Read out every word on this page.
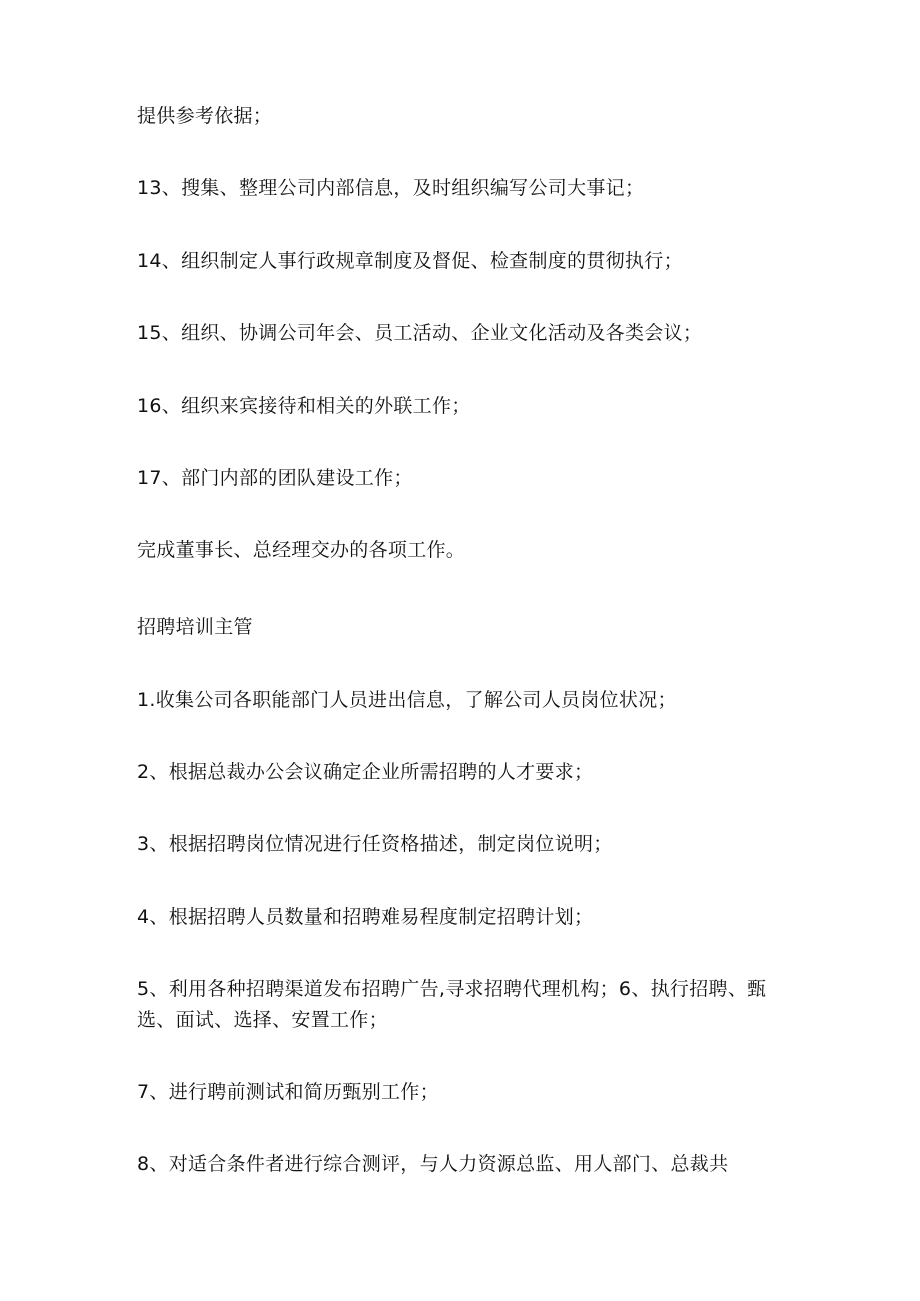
提供参考依据；

13、搜集、整理公司内部信息，及时组织编写公司大事记；

14、组织制定人事行政规章制度及督促、检查制度的贯彻执行；

15、组织、协调公司年会、员工活动、企业文化活动及各类会议；

16、组织来宾接待和相关的外联工作；

17、部门内部的团队建设工作；

完成董事长、总经理交办的各项工作。

招聘培训主管

1.收集公司各职能部门人员进出信息，了解公司人员岗位状况；

2、根据总裁办公会议确定企业所需招聘的人才要求；

3、根据招聘岗位情况进行任资格描述，制定岗位说明；

4、根据招聘人员数量和招聘难易程度制定招聘计划；

5、利用各种招聘渠道发布招聘广告,寻求招聘代理机构；6、执行招聘、甄选、面试、选择、安置工作；

7、进行聘前测试和简历甄别工作；

8、对适合条件者进行综合测评，与人力资源总监、用人部门、总裁共
